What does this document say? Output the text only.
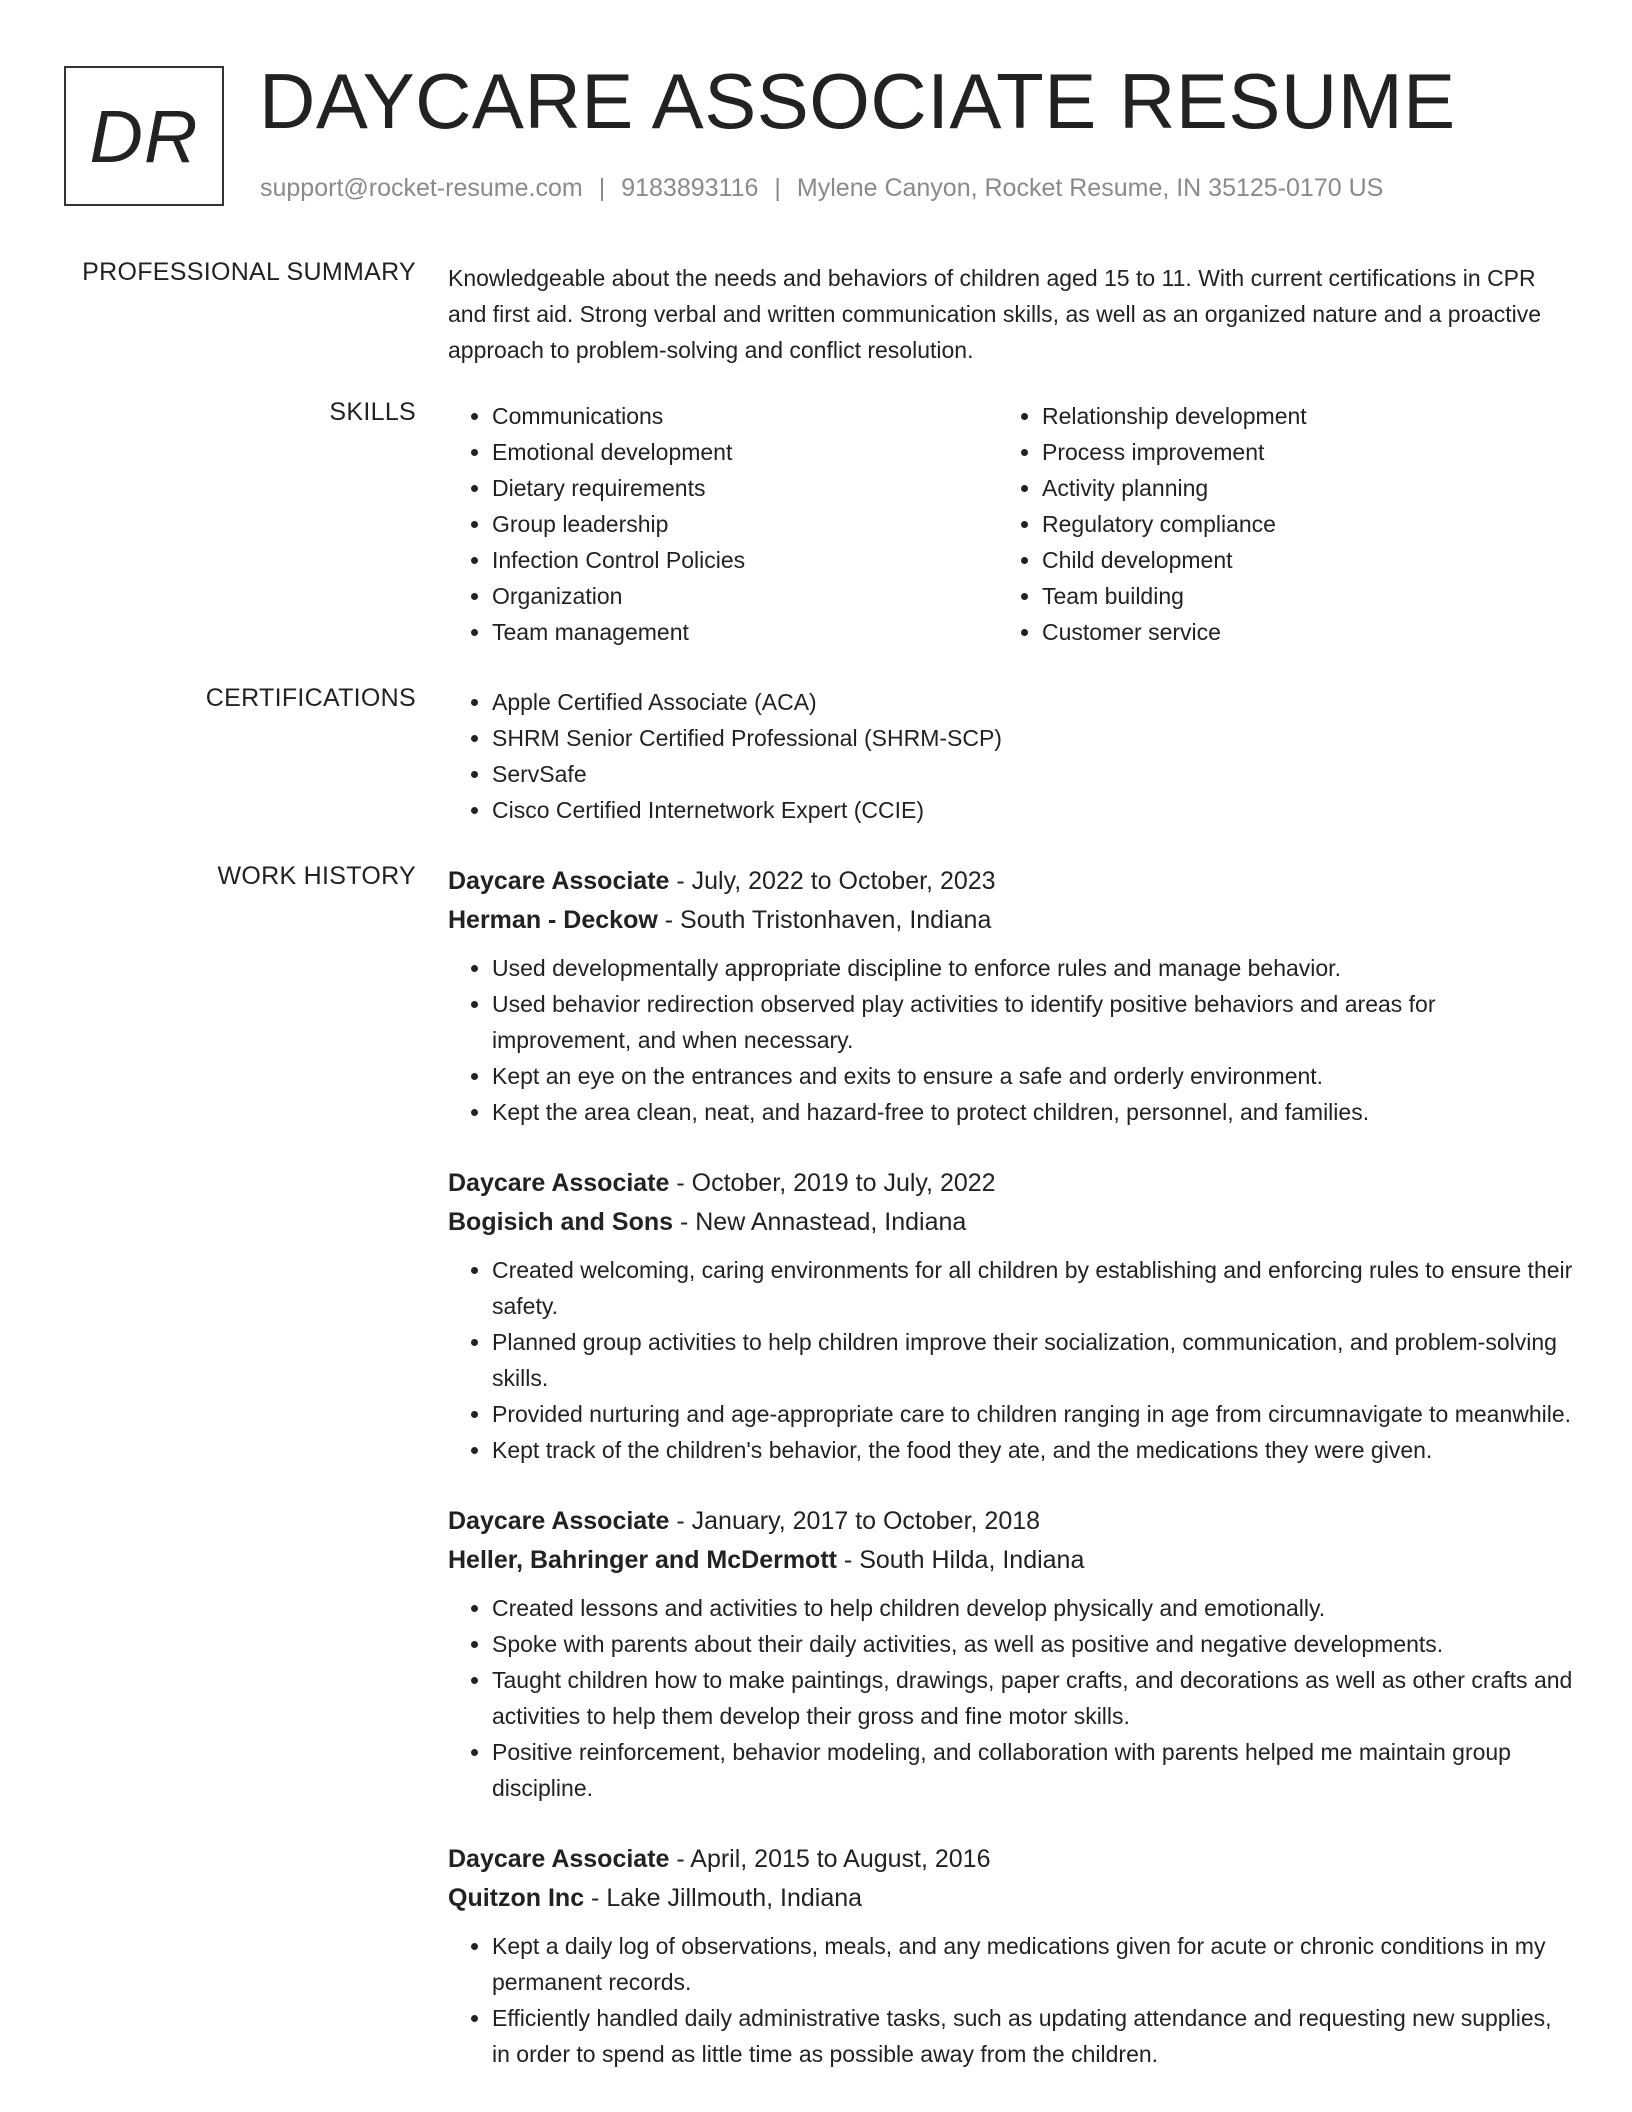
DR DAYCARE ASSOCIATE RESUME
support@rocket-resume.com | 9183893116 | Mylene Canyon, Rocket Resume, IN 35125-0170 US
PROFESSIONAL SUMMARY Knowledgeable about the needs and behaviors of children aged 15 to 11. With current certifications in CPR and first aid. Strong verbal and written communication skills, as well as an organized nature and a proactive approach to problem-solving and conflict resolution.

SKILLS	• Communications
• Emotional development
• Dietary requirements
• Group leadership
• Infection Control Policies
• Organization
• Team management
• Relationship development
• Process improvement
• Activity planning
• Regulatory compliance
• Child development
• Team building
• Customer service
CERTIFICATIONS	• Apple Certified Associate (ACA)
• SHRM Senior Certified Professional (SHRM-SCP)
• ServSafe
• Cisco Certified Internetwork Expert (CCIE)
WORK HISTORY Daycare Associate - July, 2022 to October, 2023
Herman - Deckow - South Tristonhaven, Indiana
• Used developmentally appropriate discipline to enforce rules and manage behavior.
• Used behavior redirection observed play activities to identify positive behaviors and areas for improvement, and when necessary.
• Kept an eye on the entrances and exits to ensure a safe and orderly environment.
• Kept the area clean, neat, and hazard-free to protect children, personnel, and families.
Daycare Associate - October, 2019 to July, 2022
Bogisich and Sons - New Annastead, Indiana
• Created welcoming, caring environments for all children by establishing and enforcing rules to ensure their safety.
• Planned group activities to help children improve their socialization, communication, and problem-solving skills.
• Provided nurturing and age-appropriate care to children ranging in age from circumnavigate to meanwhile.
• Kept track of the children's behavior, the food they ate, and the medications they were given.
Daycare Associate - January, 2017 to October, 2018
Heller, Bahringer and McDermott - South Hilda, Indiana
• Created lessons and activities to help children develop physically and emotionally.
• Spoke with parents about their daily activities, as well as positive and negative developments.
• Taught children how to make paintings, drawings, paper crafts, and decorations as well as other crafts and activities to help them develop their gross and fine motor skills.
• Positive reinforcement, behavior modeling, and collaboration with parents helped me maintain group discipline.
Daycare Associate - April, 2015 to August, 2016
Quitzon Inc - Lake Jillmouth, Indiana
• Kept a daily log of observations, meals, and any medications given for acute or chronic conditions in my permanent records.
• Efficiently handled daily administrative tasks, such as updating attendance and requesting new supplies, in order to spend as little time as possible away from the children.
